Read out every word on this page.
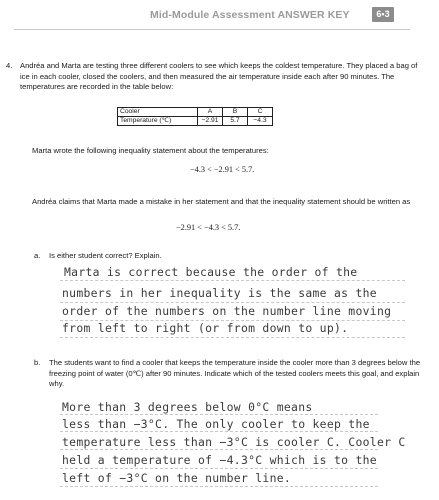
Mid-Module Assessment ANSWER KEY	6•3
4. Andréa and Marta are testing three different coolers to see which keeps the coldest temperature. They placed a bag of ice in each cooler, closed the coolers, and then measured the air temperature inside each after 90 minutes. The temperatures are recorded in the table below:

Cooler	A	B	C
Temperature (℃)	−2.91	5.7	−4.3

Marta wrote the following inequality statement about the temperatures:

−4.3 < −2.91 < 5.7.

Andréa claims that Marta made a mistake in her statement and that the inequality statement should be written as

−2.91 < −4.3 < 5.7.
a. Is either student correct? Explain.
Marta is correct because the order of the
numbers in her inequality is the same as the
order of the numbers on the number line moving
from left to right (or from down to up).
b. The students want to find a cooler that keeps the temperature inside the cooler more than 3 degrees below the freezing point of water (0℃) after 90 minutes. Indicate which of the tested coolers meets this goal, and explain why.

More than 3 degrees below 0°C means
less than −3°C. The only cooler to keep the
temperature less than −3°C is cooler C. Cooler C
held a temperature of −4.3°C which is to the
left of −3°C on the number line.
